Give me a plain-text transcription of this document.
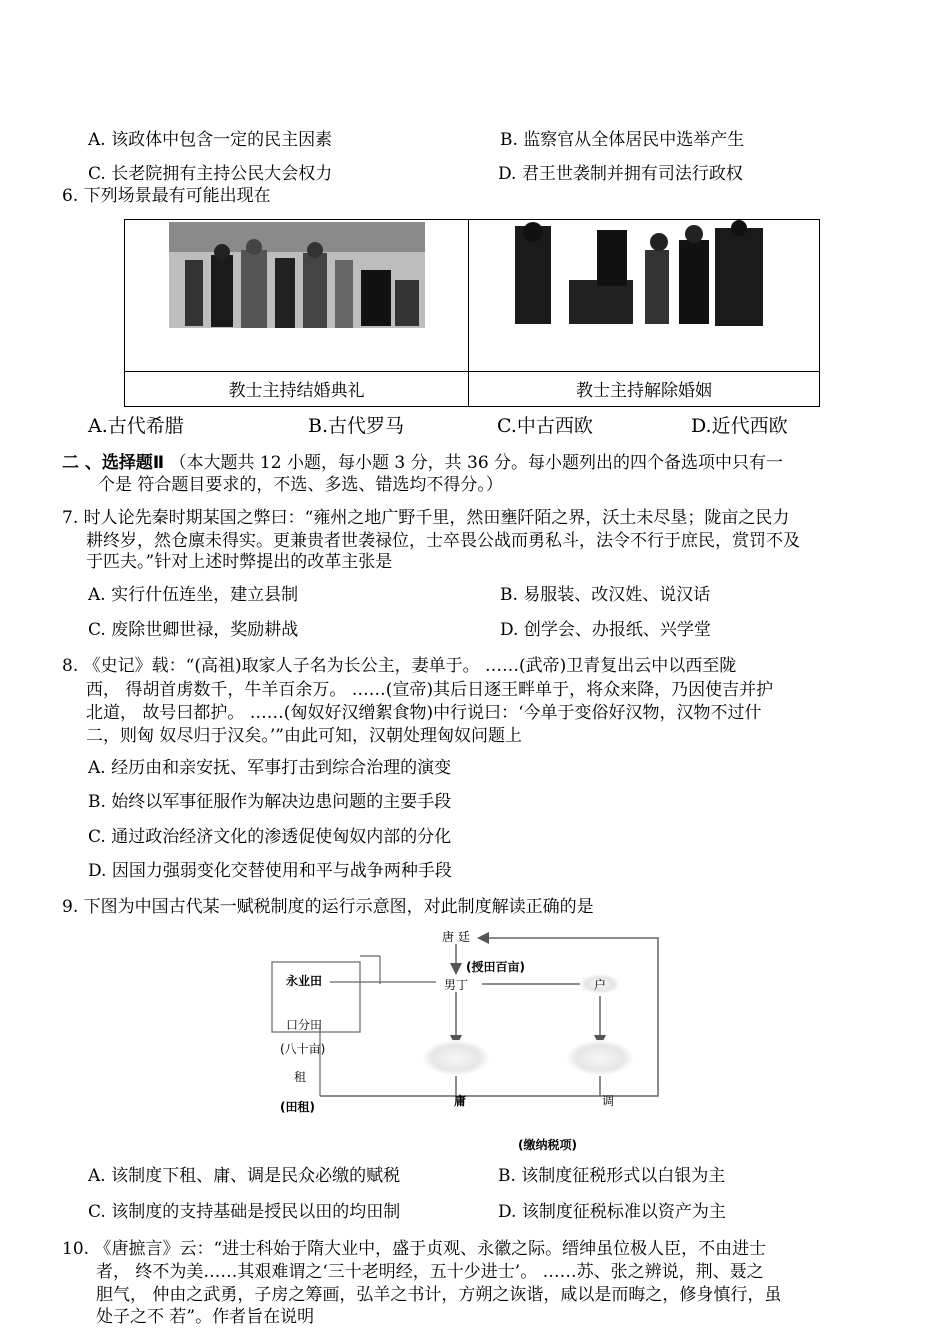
A. 该政体中包含一定的民主因素	B. 监察官从全体居民中选举产生
C. 长老院拥有主持公民大会权力	D. 君王世袭制并拥有司法行政权
6. 下列场景最有可能出现在
教士主持结婚典礼	教士主持解除婚姻
A.古代希腊	B.古代罗马	C.中古西欧	D.近代西欧
二 、选择题Ⅱ （本大题共 12 小题，每小题 3 分，共 36 分。每小题列出的四个备选项中只有一
个是 符合题目要求的，不选、多选、错选均不得分。）
7. 时人论先秦时期某国之弊曰：“雍州之地广野千里，然田壅阡陌之界，沃土未尽垦；陇亩之民力
耕终岁，然仓廪未得实。更兼贵者世袭禄位，士卒畏公战而勇私斗，法令不行于庶民，赏罚不及
于匹夫。”针对上述时弊提出的改革主张是
A. 实行什伍连坐，建立县制	B. 易服装、改汉姓、说汉话
C. 废除世卿世禄，奖励耕战	D. 创学会、办报纸、兴学堂
8. 《史记》载：“(高祖)取家人子名为长公主，妻单于。 ……(武帝)卫青复出云中以西至陇
西， 得胡首虏数千，牛羊百余万。 ……(宣帝)其后日逐王畔单于，将众来降，乃因使吉并护
北道， 故号曰都护。 ……(匈奴好汉缯絮食物)中行说曰：‘今单于变俗好汉物，汉物不过什
二，则匈 奴尽归于汉矣。’”由此可知，汉朝处理匈奴问题上
A. 经历由和亲安抚、军事打击到综合治理的演变
B. 始终以军事征服作为解决边患问题的主要手段
C. 通过政治经济文化的渗透促使匈奴内部的分化
D. 因国力强弱变化交替使用和平与战争两种手段
9. 下图为中国古代某一赋税制度的运行示意图，对此制度解读正确的是
唐 廷
(授田百亩)
永业田	男丁	户
口分田
(八十亩)
租
(田租)	庸	调
(缴纳税项)
A. 该制度下租、庸、调是民众必缴的赋税	B. 该制度征税形式以白银为主
C. 该制度的支持基础是授民以田的均田制	D. 该制度征税标准以资产为主
10. 《唐摭言》云：“进士科始于隋大业中，盛于贞观、永徽之际。缙绅虽位极人臣，不由进士
者， 终不为美……其艰难谓之‘三十老明经，五十少进士’。 ……苏、张之辨说，荆、聂之
胆气， 仲由之武勇，子房之筹画，弘羊之书计，方朔之诙谐，咸以是而晦之，修身慎行，虽
处子之不 若”。作者旨在说明
